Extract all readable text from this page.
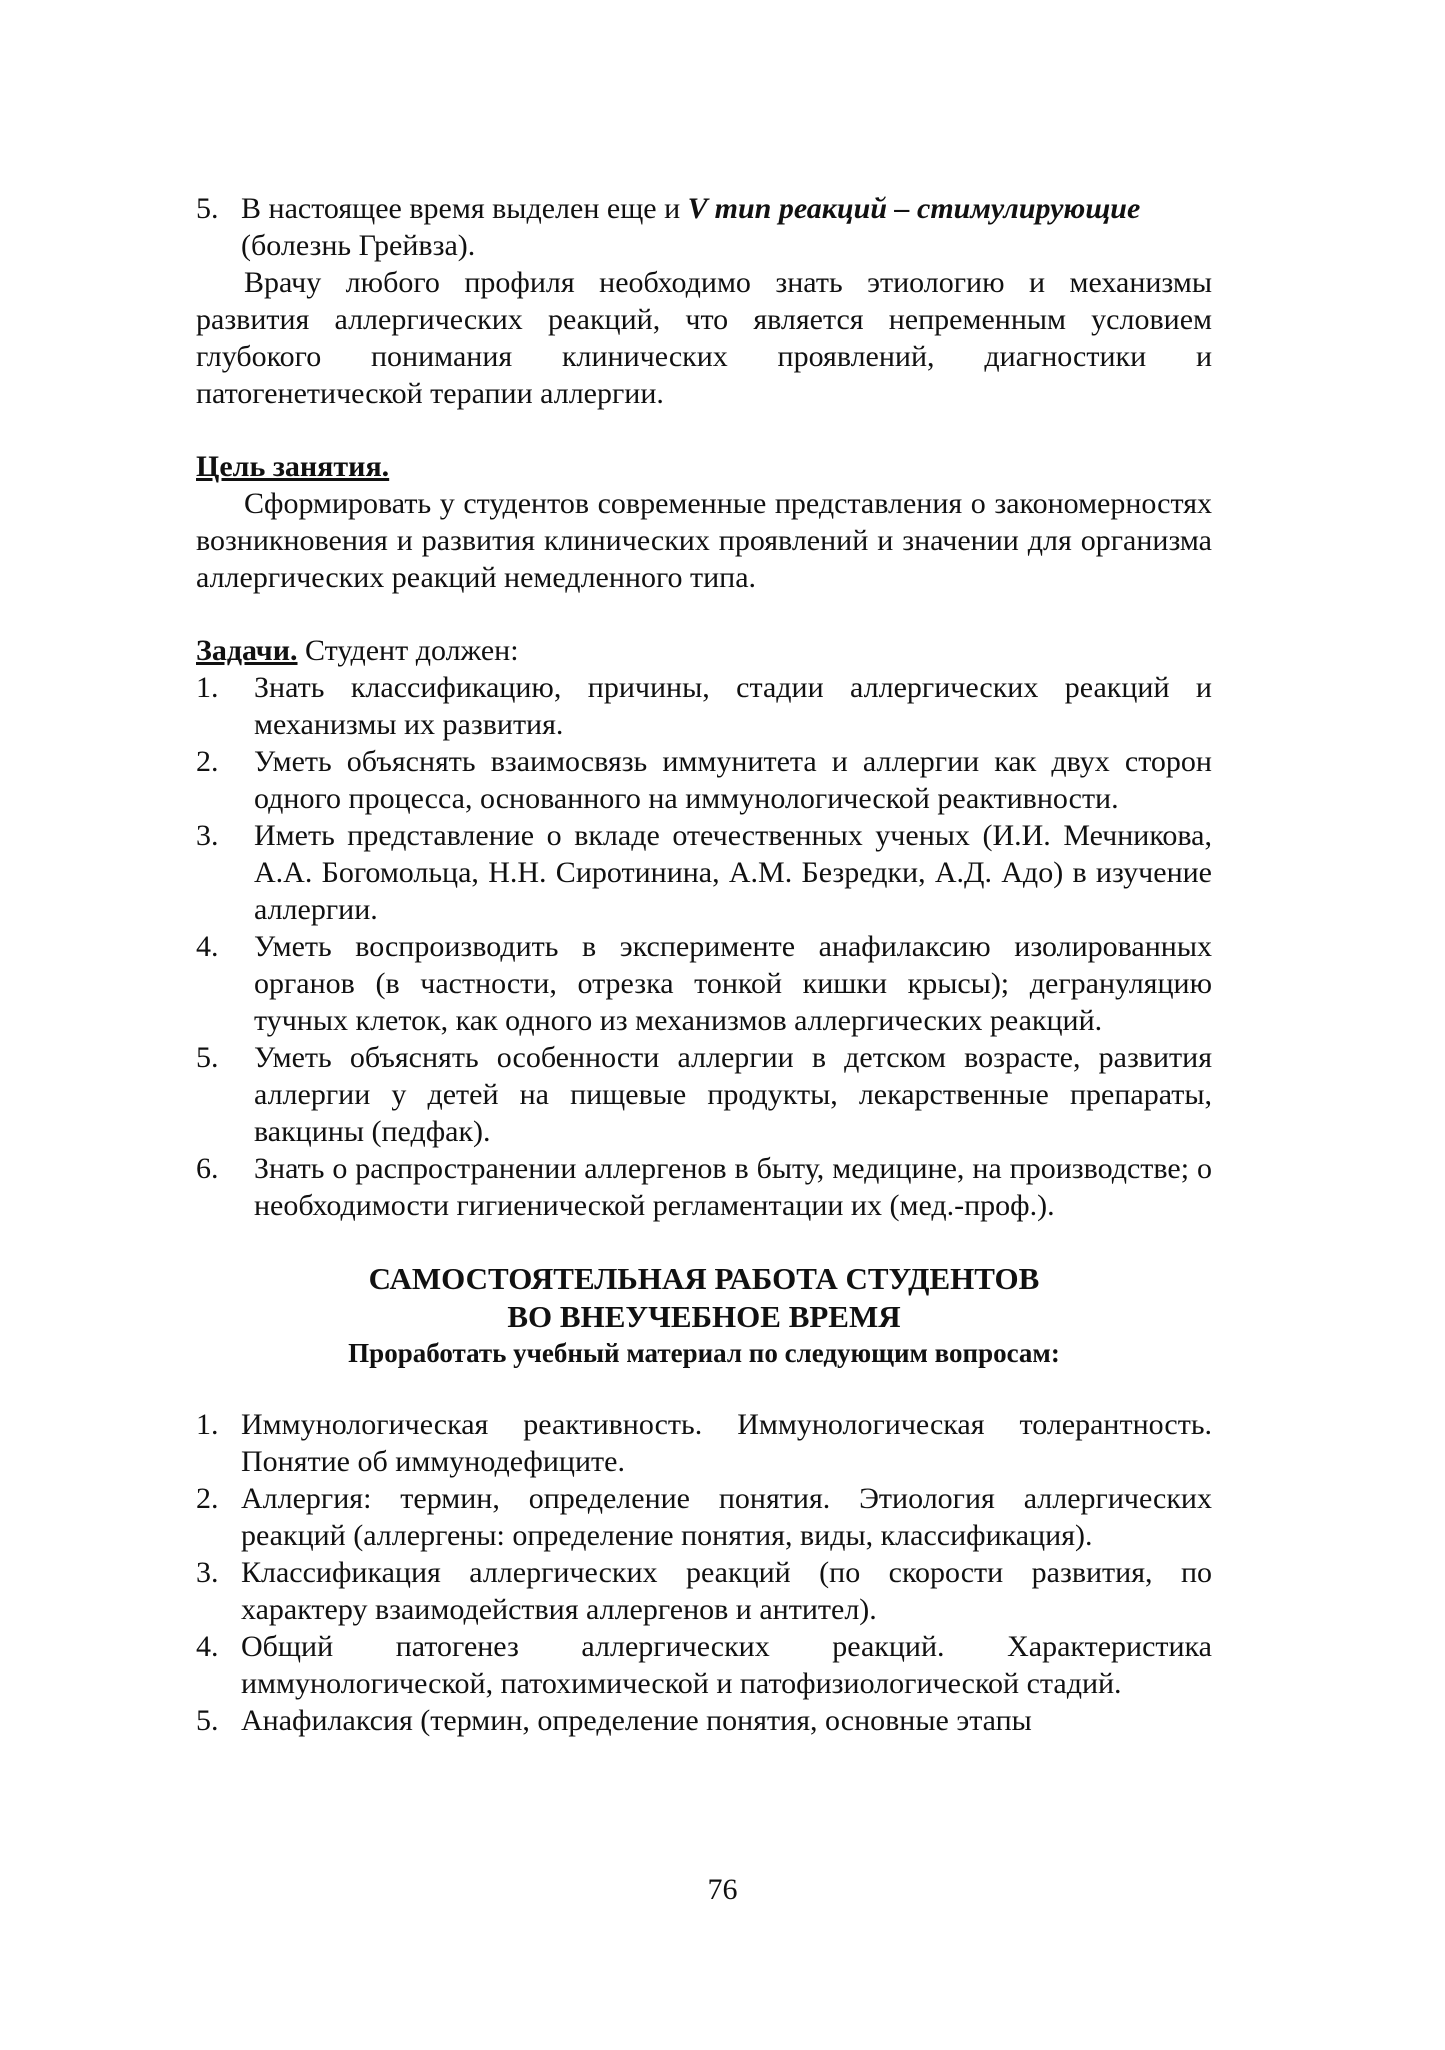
5. В настоящее время выделен еще и V тип реакций – стимулирующие
(болезнь Грейвза).

Врачу любого профиля необходимо знать этиологию и механизмы развития аллергических реакций, что является непременным условием глубокого понимания клинических проявлений, диагностики и патогенетической терапии аллергии.

Цель занятия.

Сформировать у студентов современные представления о закономерностях возникновения и развития клинических проявлений и значении для организма аллергических реакций немедленного типа.

Задачи. Студент должен:

1.	Знать классификацию, причины, стадии аллергических реакций и механизмы их развития.
2.	Уметь объяснять взаимосвязь иммунитета и аллергии как двух сторон одного процесса, основанного на иммунологической реактивности.
3.	Иметь представление о вкладе отечественных ученых (И.И. Мечникова, А.А. Богомольца, Н.Н. Сиротинина, А.М. Безредки, А.Д. Адо) в изучение аллергии.
4.	Уметь воспроизводить в эксперименте анафилаксию изолированных органов (в частности, отрезка тонкой кишки крысы); дегрануляцию тучных клеток, как одного из механизмов аллергических реакций.
5.	Уметь объяснять особенности аллергии в детском возрасте, развития аллергии у детей на пищевые продукты, лекарственные препараты, вакцины (педфак).
6.	Знать о распространении аллергенов в быту, медицине, на производстве; о необходимости гигиенической регламентации их (мед.-проф.).

САМОСТОЯТЕЛЬНАЯ РАБОТА СТУДЕНТОВ

ВО ВНЕУЧЕБНОЕ ВРЕМЯ

Проработать учебный материал по следующим вопросам:

1. Иммунологическая реактивность. Иммунологическая толерантность. Понятие об иммунодефиците.
2. Аллергия: термин, определение понятия. Этиология аллергических реакций (аллергены: определение понятия, виды, классификация).
3. Классификация аллергических реакций (по скорости развития, по характеру взаимодействия аллергенов и антител).
4. Общий патогенез аллергических реакций. Характеристика иммунологической, патохимической и патофизиологической стадий.
5. Анафилаксия (термин, определение понятия, основные этапы
76
